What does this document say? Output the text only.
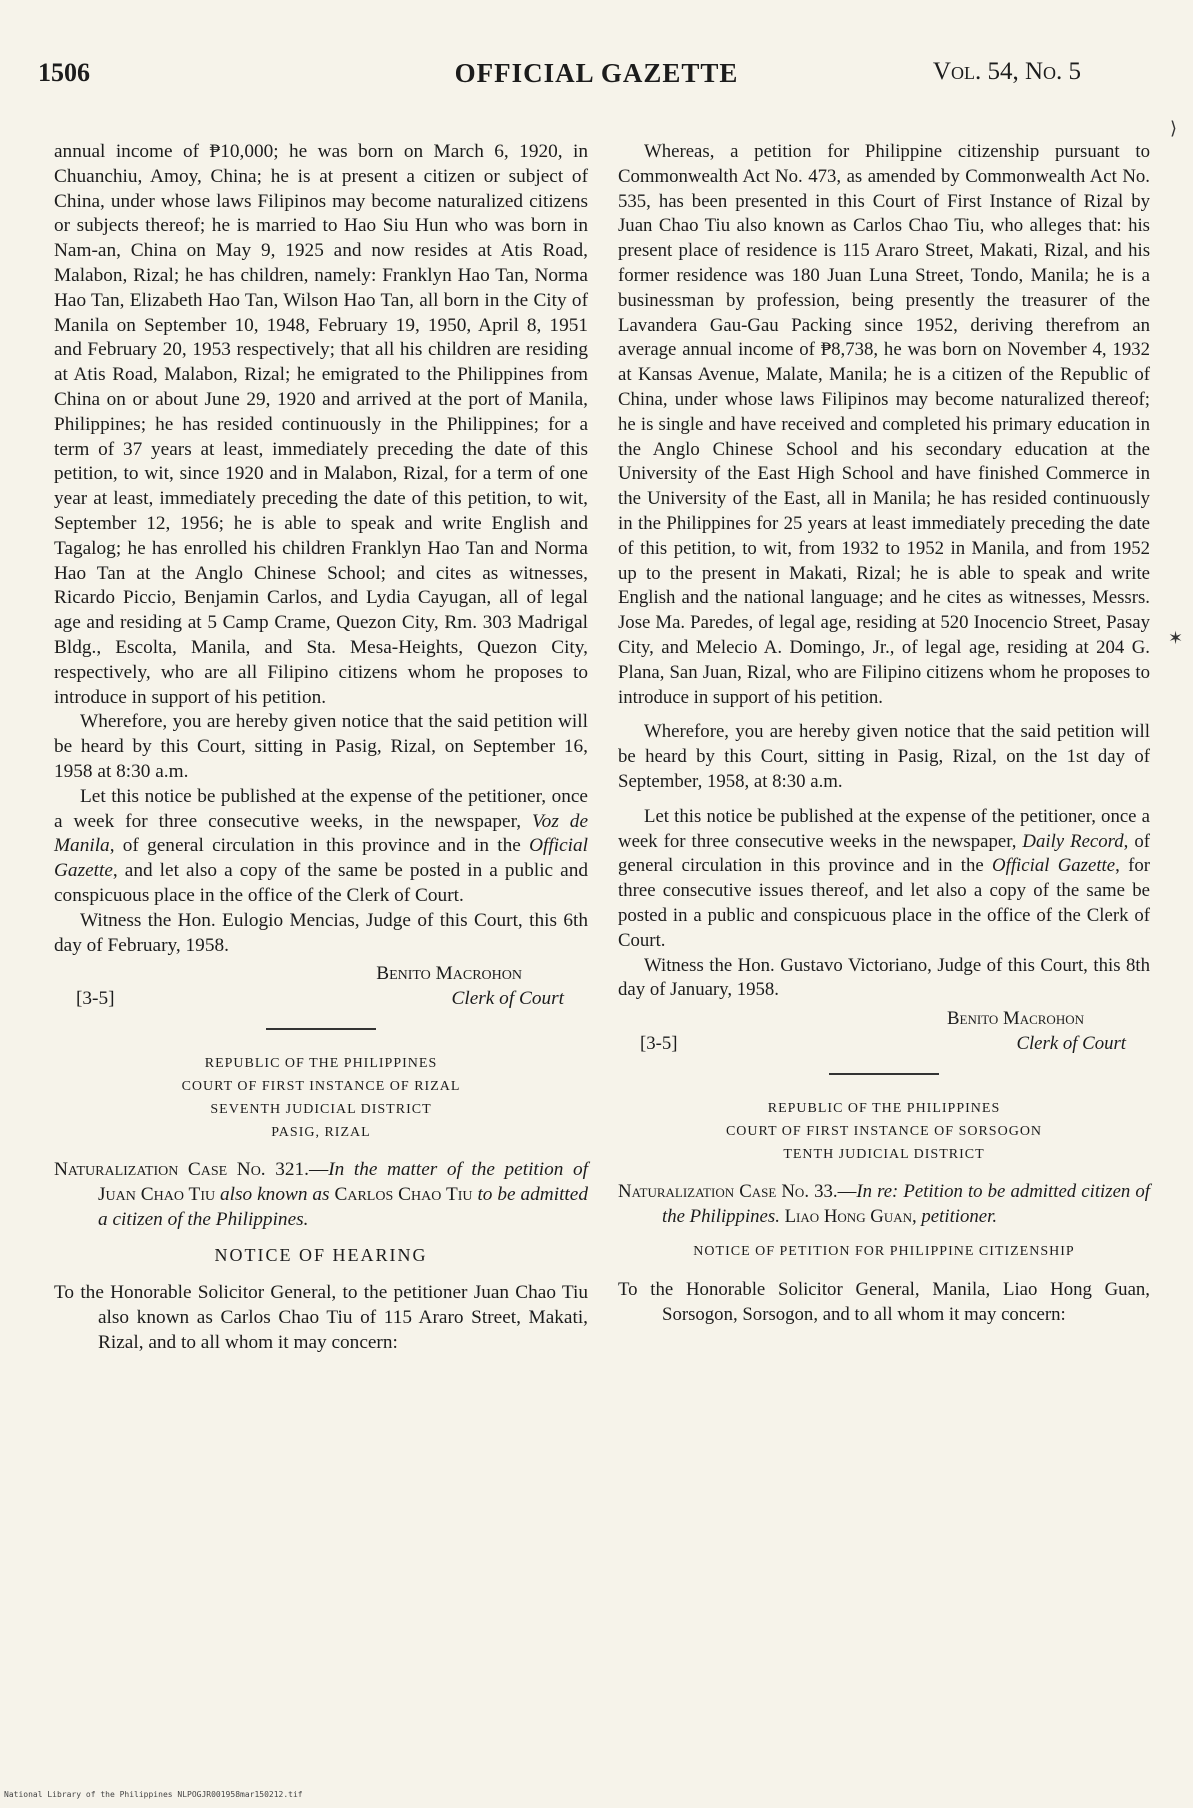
1506	OFFICIAL GAZETTE	Vol. 54, No. 5

annual income of ₱10,000; he was born on March 6, 1920, in Chuanchiu, Amoy, China; he is at present a citizen or subject of China, under whose laws Filipinos may become naturalized citizens or subjects thereof; he is married to Hao Siu Hun who was born in Nam-an, China on May 9, 1925 and now resides at Atis Road, Malabon, Rizal; he has children, namely: Franklyn Hao Tan, Norma Hao Tan, Elizabeth Hao Tan, Wilson Hao Tan, all born in the City of Manila on September 10, 1948, February 19, 1950, April 8, 1951 and February 20, 1953 respectively; that all his children are residing at Atis Road, Malabon, Rizal; he emigrated to the Philippines from China on or about June 29, 1920 and arrived at the port of Manila, Philippines; he has resided continuously in the Philippines; for a term of 37 years at least, immediately preceding the date of this petition, to wit, since 1920 and in Malabon, Rizal, for a term of one year at least, immediately preceding the date of this petition, to wit, September 12, 1956; he is able to speak and write English and Tagalog; he has enrolled his children Franklyn Hao Tan and Norma Hao Tan at the Anglo Chinese School; and cites as witnesses, Ricardo Piccio, Benjamin Carlos, and Lydia Cayugan, all of legal age and residing at 5 Camp Crame, Quezon City, Rm. 303 Madrigal Bldg., Escolta, Manila, and Sta. Mesa-Heights, Quezon City, respectively, who are all Filipino citizens whom he proposes to introduce in support of his petition.

Wherefore, you are hereby given notice that the said petition will be heard by this Court, sitting in Pasig, Rizal, on September 16, 1958 at 8:30 a.m.

Let this notice be published at the expense of the petitioner, once a week for three consecutive weeks, in the newspaper, Voz de Manila, of general circulation in this province and in the Official Gazette, and let also a copy of the same be posted in a public and conspicuous place in the office of the Clerk of Court.

Witness the Hon. Eulogio Mencias, Judge of this Court, this 6th day of February, 1958.

Benito Macrohon
Clerk of Court
[3-5]
REPUBLIC OF THE PHILIPPINES
COURT OF FIRST INSTANCE OF RIZAL
SEVENTH JUDICIAL DISTRICT
PASIG, RIZAL

Naturalization Case No. 321.—In the matter of the petition of Juan Chao Tiu also known as Carlos Chao Tiu to be admitted a citizen of the Philippines.

NOTICE OF HEARING

To the Honorable Solicitor General, to the petitioner Juan Chao Tiu also known as Carlos Chao Tiu of 115 Araro Street, Makati, Rizal, and to all whom it may concern:

Whereas, a petition for Philippine citizenship pursuant to Commonwealth Act No. 473, as amended by Commonwealth Act No. 535, has been presented in this Court of First Instance of Rizal by Juan Chao Tiu also known as Carlos Chao Tiu, who alleges that: his present place of residence is 115 Araro Street, Makati, Rizal, and his former residence was 180 Juan Luna Street, Tondo, Manila; he is a businessman by profession, being presently the treasurer of the Lavandera Gau-Gau Packing since 1952, deriving therefrom an average annual income of ₱8,738, he was born on November 4, 1932 at Kansas Avenue, Malate, Manila; he is a citizen of the Republic of China, under whose laws Filipinos may become naturalized thereof; he is single and have received and completed his primary education in the Anglo Chinese School and his secondary education at the University of the East High School and have finished Commerce in the University of the East, all in Manila; he has resided continuously in the Philippines for 25 years at least immediately preceding the date of this petition, to wit, from 1932 to 1952 in Manila, and from 1952 up to the present in Makati, Rizal; he is able to speak and write English and the national language; and he cites as witnesses, Messrs. Jose Ma. Paredes, of legal age, residing at 520 Inocencio Street, Pasay City, and Melecio A. Domingo, Jr., of legal age, residing at 204 G. Plana, San Juan, Rizal, who are Filipino citizens whom he proposes to introduce in support of his petition.

Wherefore, you are hereby given notice that the said petition will be heard by this Court, sitting in Pasig, Rizal, on the 1st day of September, 1958, at 8:30 a.m.

Let this notice be published at the expense of the petitioner, once a week for three consecutive weeks in the newspaper, Daily Record, of general circulation in this province and in the Official Gazette, for three consecutive issues thereof, and let also a copy of the same be posted in a public and conspicuous place in the office of the Clerk of Court.

Witness the Hon. Gustavo Victoriano, Judge of this Court, this 8th day of January, 1958.

Benito Macrohon
Clerk of Court
[3-5]
REPUBLIC OF THE PHILIPPINES
COURT OF FIRST INSTANCE OF SORSOGON
TENTH JUDICIAL DISTRICT

Naturalization Case No. 33.—In re: Petition to be admitted citizen of the Philippines. Liao Hong Guan, petitioner.

NOTICE OF PETITION FOR PHILIPPINE CITIZENSHIP

To the Honorable Solicitor General, Manila, Liao Hong Guan, Sorsogon, Sorsogon, and to all whom it may concern:

⟩
✶
National Library of the Philippines NLPOGJR001958mar150212.tif
